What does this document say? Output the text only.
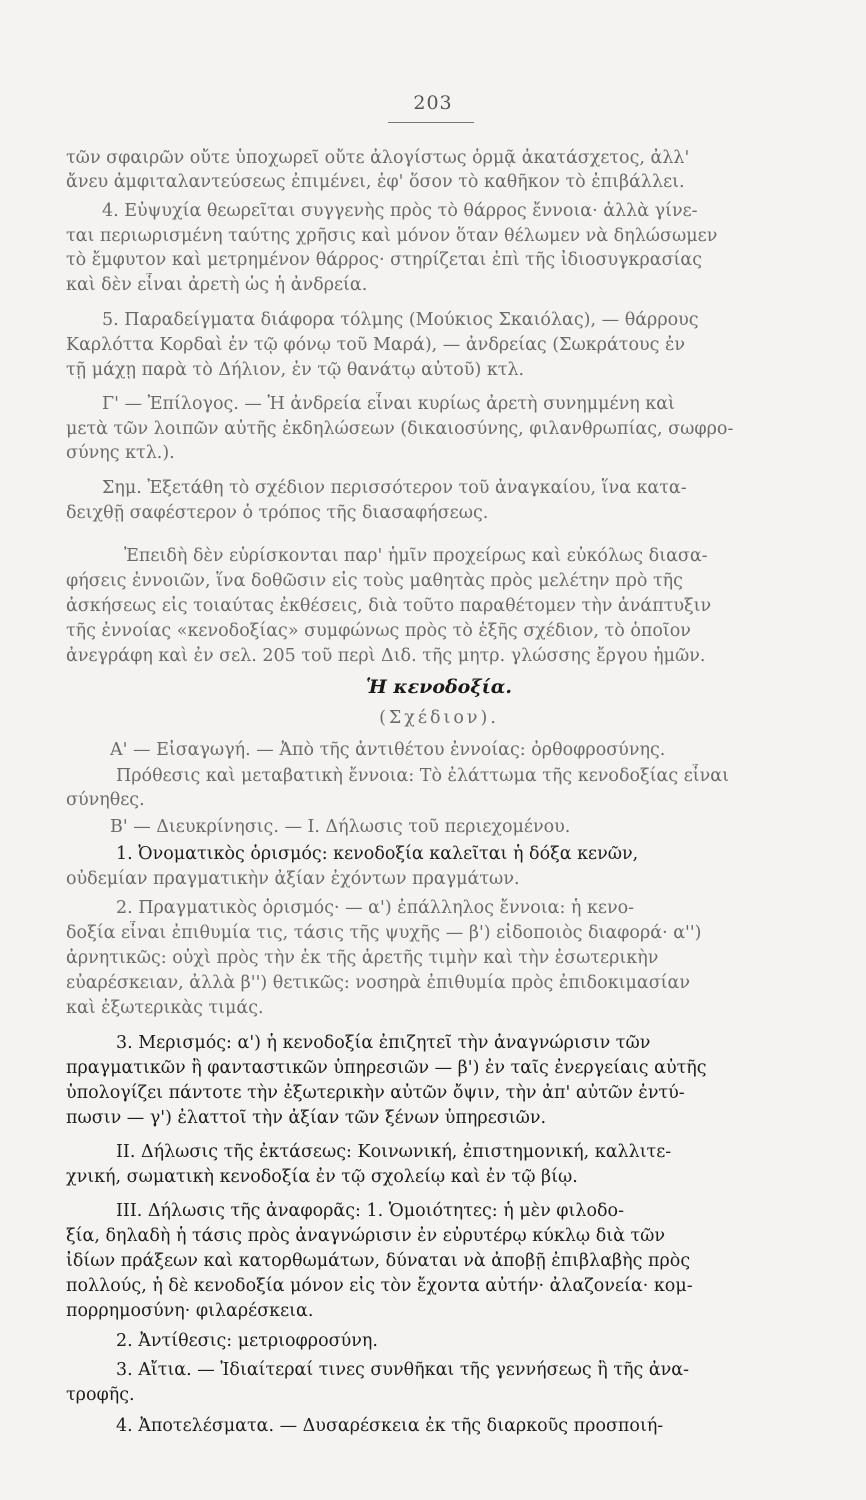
203
τῶν σφαιρῶν οὔτε ὑποχωρεῖ οὔτε ἀλογίστως ὁρμᾷ ἀκατάσχετος, ἀλλ'
ἄνευ ἀμφιταλαντεύσεως ἐπιμένει, ἐφ' ὅσον τὸ καθῆκον τὸ ἐπιβάλλει.
4. Εὐψυχία θεωρεῖται συγγενὴς πρὸς τὸ θάρρος ἔννοια· ἀλλὰ γίνε-
ται περιωρισμένη ταύτης χρῆσις καὶ μόνον ὅταν θέλωμεν νὰ δηλώσωμεν
τὸ ἔμφυτον καὶ μετρημένον θάρρος· στηρίζεται ἐπὶ τῆς ἰδιοσυγκρασίας
καὶ δὲν εἶναι ἀρετὴ ὡς ἡ ἀνδρεία.
5. Παραδείγματα διάφορα τόλμης (Μούκιος Σκαιόλας), — θάρρους
Καρλόττα Κορδαὶ ἐν τῷ φόνῳ τοῦ Μαρά), — ἀνδρείας (Σωκράτους ἐν
τῇ μάχῃ παρὰ τὸ Δήλιον, ἐν τῷ θανάτῳ αὐτοῦ) κτλ.
Γ' — Ἐπίλογος. — Ἡ ἀνδρεία εἶναι κυρίως ἀρετὴ συνημμένη καὶ
μετὰ τῶν λοιπῶν αὐτῆς ἐκδηλώσεων (δικαιοσύνης, φιλανθρωπίας, σωφρο-
σύνης κτλ.).
Σημ. Ἐξετάθη τὸ σχέδιον περισσότερον τοῦ ἀναγκαίου, ἵνα κατα-
δειχθῇ σαφέστερον ὁ τρόπος τῆς διασαφήσεως.
Ἐπειδὴ δὲν εὑρίσκονται παρ' ἡμῖν προχείρως καὶ εὐκόλως διασα-
φήσεις ἐννοιῶν, ἵνα δοθῶσιν εἰς τοὺς μαθητὰς πρὸς μελέτην πρὸ τῆς
ἀσκήσεως εἰς τοιαύτας ἐκθέσεις, διὰ τοῦτο παραθέτομεν τὴν ἀνάπτυξιν
τῆς ἐννοίας «κενοδοξίας» συμφώνως πρὸς τὸ ἑξῆς σχέδιον, τὸ ὁποῖον
ἀνεγράφη καὶ ἐν σελ. 205 τοῦ περὶ Διδ. τῆς μητρ. γλώσσης ἔργου ἡμῶν.
Ἡ κενοδοξία.
(Σχέδιον).
Α' — Εἰσαγωγή. — Ἀπὸ τῆς ἀντιθέτου ἐννοίας: ὀρθοφροσύνης.
Πρόθεσις καὶ μεταβατικὴ ἔννοια: Τὸ ἐλάττωμα τῆς κενοδοξίας εἶναι
σύνηθες.
Β' — Διευκρίνησις. — Ι. Δήλωσις τοῦ περιεχομένου.
1. Ὀνοματικὸς ὁρισμός: κενοδοξία καλεῖται ἡ δόξα κενῶν,
οὐδεμίαν πραγματικὴν ἀξίαν ἐχόντων πραγμάτων.
2. Πραγματικὸς ὁρισμός· — α') ἐπάλληλος ἔννοια: ἡ κενο-
δοξία εἶναι ἐπιθυμία τις, τάσις τῆς ψυχῆς — β') εἰδοποιὸς διαφορά· α'')
ἀρνητικῶς: οὐχὶ πρὸς τὴν ἐκ τῆς ἀρετῆς τιμὴν καὶ τὴν ἐσωτερικὴν
εὐαρέσκειαν, ἀλλὰ β'') θετικῶς: νοσηρὰ ἐπιθυμία πρὸς ἐπιδοκιμασίαν
καὶ ἐξωτερικὰς τιμάς.
3. Μερισμός: α') ἡ κενοδοξία ἐπιζητεῖ τὴν ἀναγνώρισιν τῶν
πραγματικῶν ἢ φανταστικῶν ὑπηρεσιῶν — β') ἐν ταῖς ἐνεργείαις αὐτῆς
ὑπολογίζει πάντοτε τὴν ἐξωτερικὴν αὐτῶν ὄψιν, τὴν ἀπ' αὐτῶν ἐντύ-
πωσιν — γ') ἐλαττοῖ τὴν ἀξίαν τῶν ξένων ὑπηρεσιῶν.
ΙΙ. Δήλωσις τῆς ἐκτάσεως: Κοινωνική, ἐπιστημονική, καλλιτε-
χνική, σωματικὴ κενοδοξία ἐν τῷ σχολείῳ καὶ ἐν τῷ βίῳ.
ΙΙΙ. Δήλωσις τῆς ἀναφορᾶς: 1. Ὁμοιότητες: ἡ μὲν φιλοδο-
ξία, δηλαδὴ ἡ τάσις πρὸς ἀναγνώρισιν ἐν εὐρυτέρῳ κύκλῳ διὰ τῶν
ἰδίων πράξεων καὶ κατορθωμάτων, δύναται νὰ ἀποβῇ ἐπιβλαβὴς πρὸς
πολλούς, ἡ δὲ κενοδοξία μόνον εἰς τὸν ἔχοντα αὐτήν· ἀλαζονεία· κομ-
πορρημοσύνη· φιλαρέσκεια.
2. Ἀντίθεσις: μετριοφροσύνη.
3. Αἴτια. — Ἰδιαίτεραί τινες συνθῆκαι τῆς γεννήσεως ἢ τῆς ἀνα-
τροφῆς.
4. Ἀποτελέσματα. — Δυσαρέσκεια ἐκ τῆς διαρκοῦς προσποιή-
